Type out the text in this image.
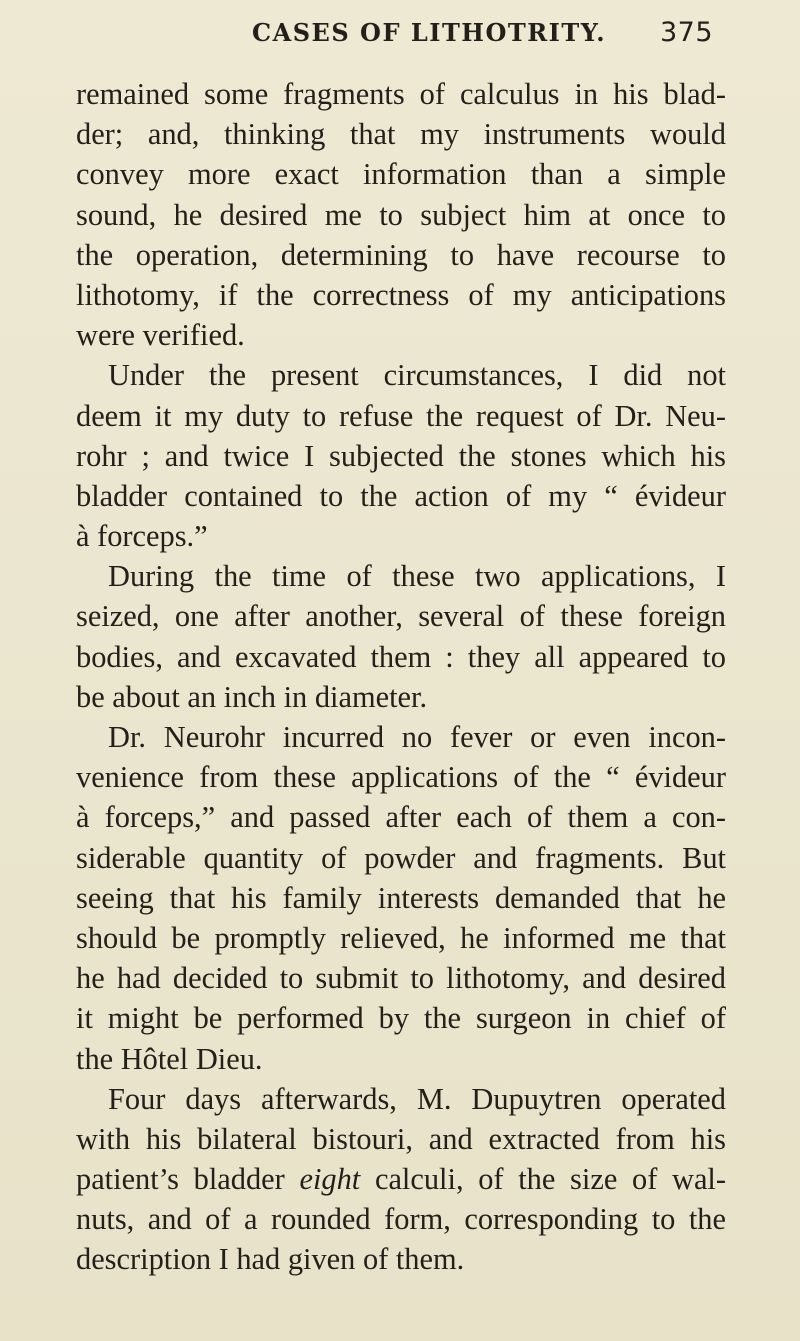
CASES OF LITHOTRITY. 375
remained some fragments of calculus in his blad-
der; and, thinking that my instruments would
convey more exact information than a simple
sound, he desired me to subject him at once to
the operation, determining to have recourse to
lithotomy, if the correctness of my anticipations
were verified.
Under the present circumstances, I did not
deem it my duty to refuse the request of Dr. Neu-
rohr ; and twice I subjected the stones which his
bladder contained to the action of my “ évideur
à forceps.”
During the time of these two applications, I
seized, one after another, several of these foreign
bodies, and excavated them : they all appeared to
be about an inch in diameter.
Dr. Neurohr incurred no fever or even incon-
venience from these applications of the “ évideur
à forceps,” and passed after each of them a con-
siderable quantity of powder and fragments. But
seeing that his family interests demanded that he
should be promptly relieved, he informed me that
he had decided to submit to lithotomy, and desired
it might be performed by the surgeon in chief of
the Hôtel Dieu.
Four days afterwards, M. Dupuytren operated
with his bilateral bistouri, and extracted from his
patient’s bladder eight calculi, of the size of wal-
nuts, and of a rounded form, corresponding to the
description I had given of them.
